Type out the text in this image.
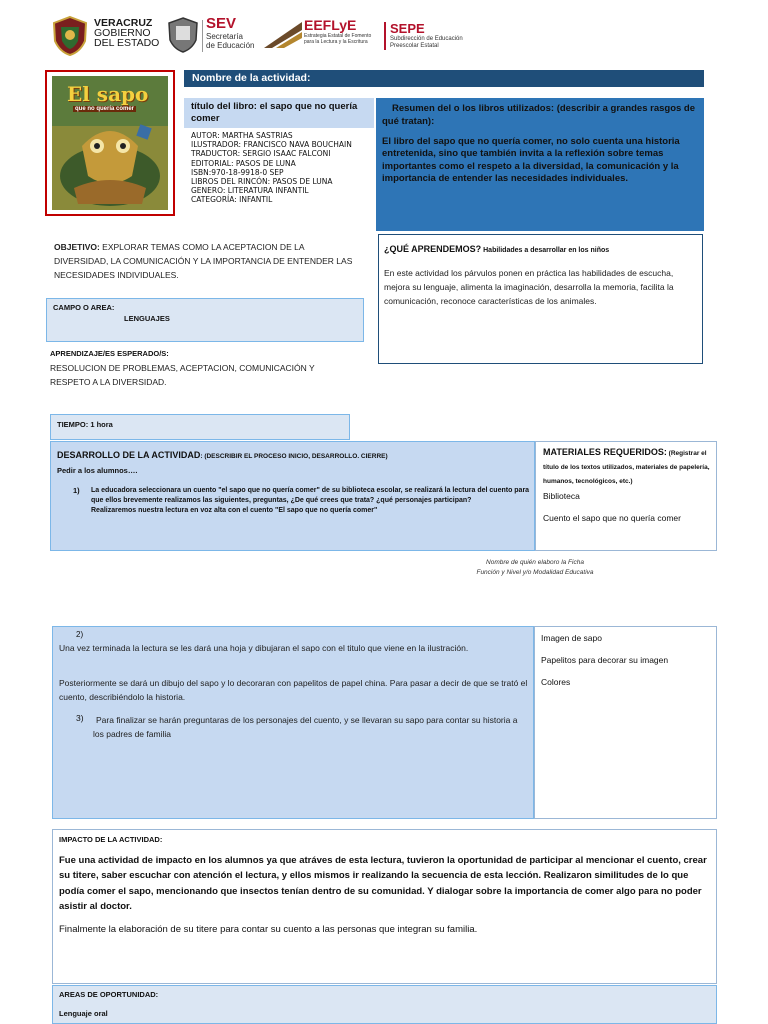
VERACRUZ
GOBIERNO
DEL ESTADO
SEV
Secretaría
de Educación
EEFLyE
Estrategia Estatal de Fomento
para la Lectura y la Escritura
SEPE
Subdirección de Educación
Preescolar Estatal
El sapo
que no quería comer
Nombre de la actividad:
título del libro: el sapo que no quería comer
AUTOR: MARTHA SASTRIAS
ILUSTRADOR: FRANCISCO NAVA BOUCHAIN
TRADUCTOR: SERGIO ISAAC FALCONI
EDITORIAL: PASOS DE LUNA
ISBN:970-18-9918-0 SEP
LIBROS DEL RINCÓN: PASOS DE LUNA
GENERO: LITERATURA INFANTIL
CATEGORÍA: INFANTIL
Resumen del o los libros utilizados: (describir a grandes rasgos de qué tratan):
El libro del sapo que no quería comer, no solo cuenta una historia entretenida, sino que también invita a la reflexión sobre temas importantes como el respeto a la diversidad, la comunicación y la importancia de entender las necesidades individuales.
OBJETIVO: EXPLORAR TEMAS COMO LA ACEPTACION DE LA DIVERSIDAD, LA COMUNICACIÓN Y LA IMPORTANCIA DE ENTENDER LAS NECESIDADES INDIVIDUALES.
¿QUÉ APRENDEMOS? Habilidades a desarrollar en los niños
En este actividad los párvulos ponen en práctica las habilidades de escucha, mejora su lenguaje, alimenta la imaginación, desarrolla la memoria, facilita la comunicación, reconoce características de los animales.
CAMPO O AREA:
LENGUAJES
APRENDIZAJE/ES ESPERADO/S:
RESOLUCION DE PROBLEMAS, ACEPTACION, COMUNICACIÓN Y RESPETO A LA DIVERSIDAD.
TIEMPO: 1 hora
DESARROLLO DE LA ACTIVIDAD: (DESCRIBIR EL PROCESO INICIO, DESARROLLO. CIERRE)
Pedir a los alumnos….
1) La educadora seleccionara un cuento "el sapo que no quería comer" de su biblioteca escolar, se realizará la lectura del cuento para que ellos brevemente realizamos las siguientes, preguntas, ¿De qué crees que trata? ¿qué personajes participan?
Realizaremos nuestra lectura en voz alta con el cuento "El sapo que no quería comer"
MATERIALES REQUERIDOS: (Registrar el título de los textos utilizados, materiales de papelería, humanos, tecnológicos, etc.)
Biblioteca
Cuento el sapo que no quería comer
Nombre de quién elaboro la Ficha
Función y Nivel y/o Modalidad Educativa
2)
Una vez terminada la lectura se les dará una hoja y dibujaran el sapo con el titulo que viene en la ilustración.
Posteriormente se dará un dibujo del sapo y lo decoraran con papelitos de papel china. Para pasar a decir de que se trató el cuento, describiéndolo la historia.
3)	Para finalizar se harán preguntaras de los personajes del cuento, y se llevaran su sapo para contar su historia a los padres de familia
Imagen de sapo
Papelitos para decorar su imagen
Colores
IMPACTO DE LA ACTIVIDAD:
Fue una actividad de impacto en los alumnos ya que atráves de esta lectura, tuvieron la oportunidad de participar al mencionar el cuento, crear su titere, saber escuchar con atención el lectura, y ellos mismos ir realizando la secuencia de esta lección. Realizaron similitudes de lo que podía comer el sapo, mencionando que insectos tenían dentro de su comunidad. Y dialogar sobre la importancia de comer algo para no poder asistir al doctor.
Finalmente la elaboración de su titere para contar su cuento a las personas que integran su familia.
AREAS DE OPORTUNIDAD:
Lenguaje oral
